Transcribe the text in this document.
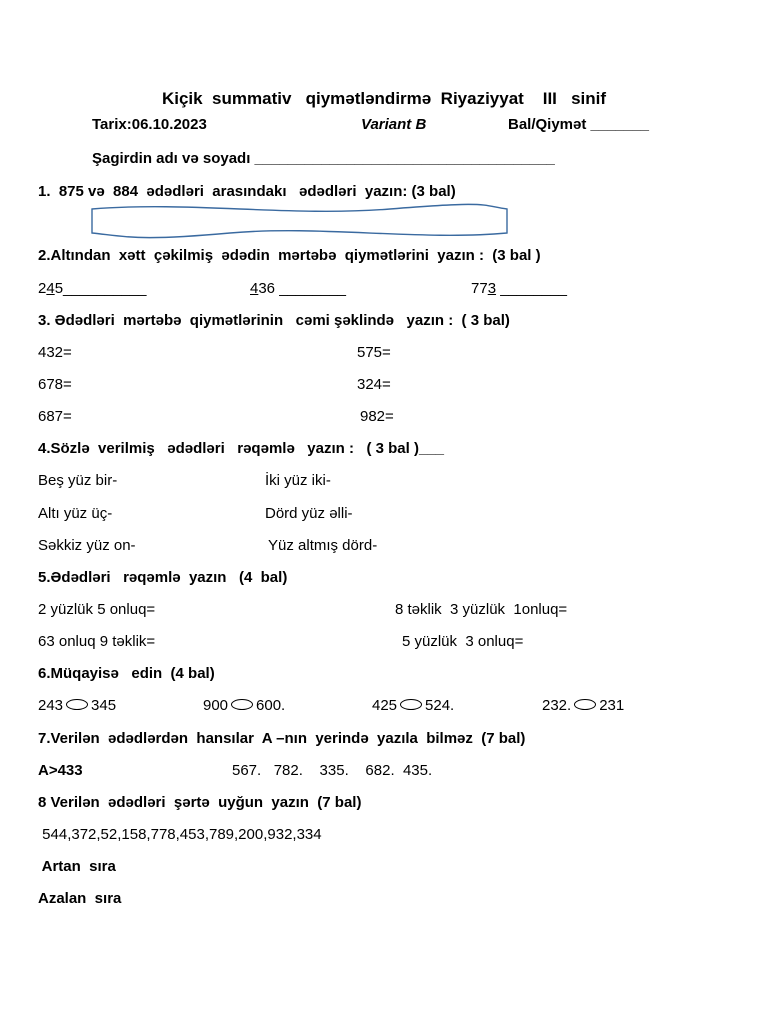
Kiçik  summativ   qiymətləndirmə  Riyaziyyat    III   sinif
Tarix:06.10.2023	Variant B	Bal/Qiymət _______
Şagirdin adı və soyadı ____________________________________
1.  875 və  884  ədədləri  arasındakı   ədədləri  yazın: (3 bal)
2.Altından  xətt  çəkilmiş  ədədin  mərtəbə  qiymətlərini  yazın :  (3 bal )
245__________	436 ________	773 ________
3. Ədədləri  mərtəbə  qiymətlərinin   cəmi şəklində   yazın :  ( 3 bal)
432=	575=
678=	324=
687=	982=
4.Sözlə  verilmiş   ədədləri   rəqəmlə   yazın :   ( 3 bal )___
Beş yüz bir-	İki yüz iki-
Altı yüz üç-	Dörd yüz əlli-
Səkkiz yüz on-	Yüz altmış dörd-
5.Ədədləri   rəqəmlə  yazın   (4  bal)
2 yüzlük 5 onluq=	8 təklik  3 yüzlük  1onluq=
63 onluq 9 təklik=	5 yüzlük  3 onluq=
6.Müqayisə   edin  (4 bal)
243 345	900 600.	425 524.	232. 231
7.Verilən  ədədlərdən  hansılar  A –nın  yerində  yazıla  bilməz  (7 bal)
A>433	567.   782.    335.    682.  435.
8 Verilən  ədədləri  şərtə  uyğun  yazın  (7 bal)
544,372,52,158,778,453,789,200,932,334
Artan  sıra
Azalan  sıra
